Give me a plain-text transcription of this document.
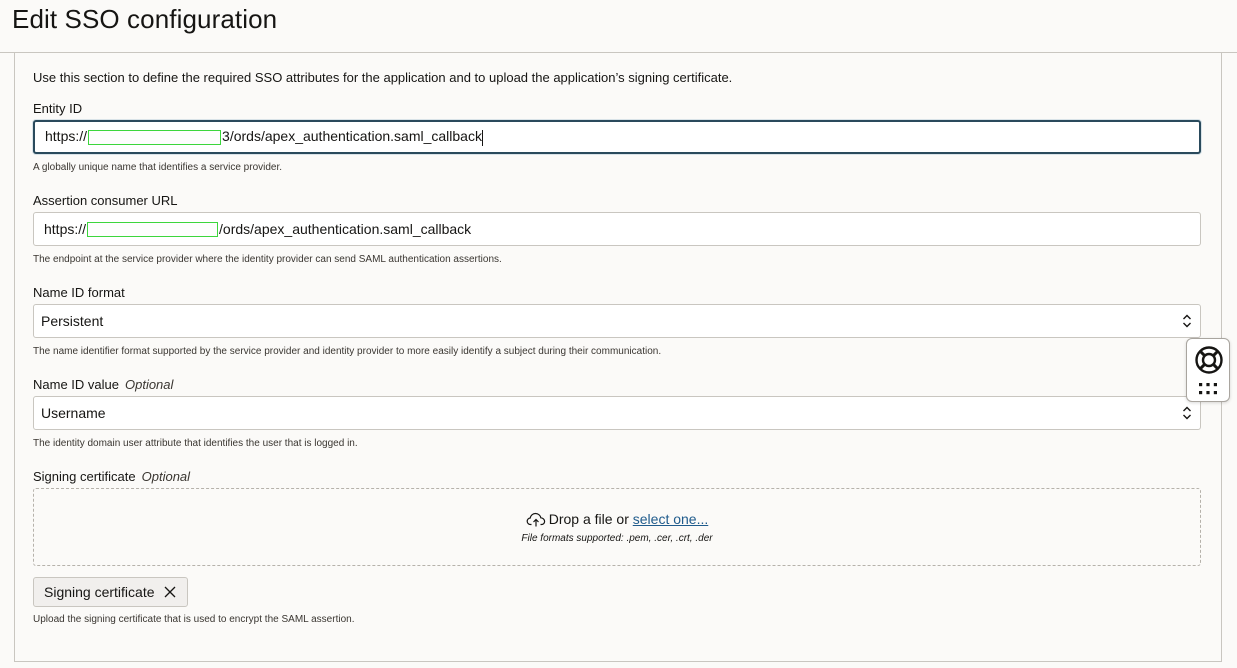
Edit SSO configuration
Use this section to define the required SSO attributes for the application and to upload the application’s signing certificate.
Entity ID
https://	3/ords/apex_authentication.saml_callback
A globally unique name that identifies a service provider.
Assertion consumer URL
https://	/ords/apex_authentication.saml_callback
The endpoint at the service provider where the identity provider can send SAML authentication assertions.
Name ID format
Persistent
The name identifier format supported by the service provider and identity provider to more easily identify a subject during their communication.
Name ID value Optional
Username
The identity domain user attribute that identifies the user that is logged in.
Signing certificate Optional
Drop a file or select one...
File formats supported: .pem, .cer, .crt, .der
Signing certificate
Upload the signing certificate that is used to encrypt the SAML assertion.
